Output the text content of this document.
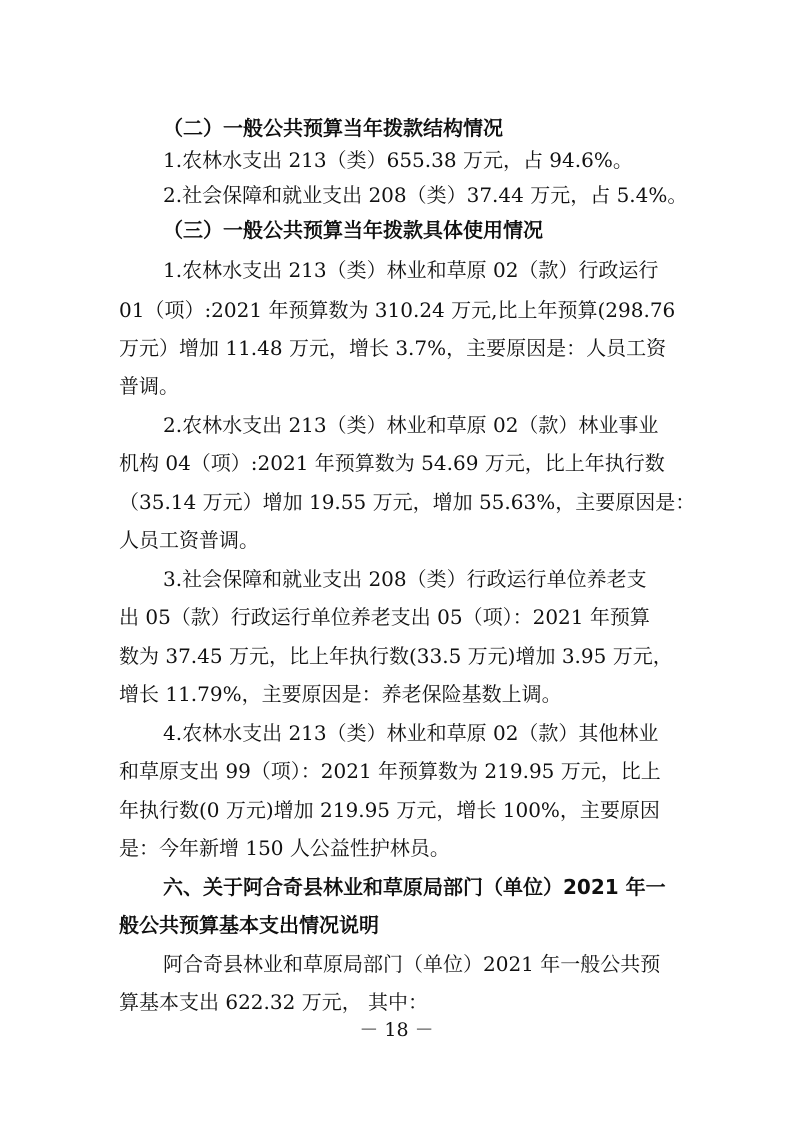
（二）一般公共预算当年拨款结构情况
1.农林水支出 213（类）655.38 万元，占 94.6%。
2.社会保障和就业支出 208（类）37.44 万元，占 5.4%。
（三）一般公共预算当年拨款具体使用情况
1.农林水支出 213（类）林业和草原 02（款）行政运行
01（项）:2021 年预算数为 310.24 万元,比上年预算(298.76
万元）增加 11.48 万元，增长 3.7%，主要原因是：人员工资
普调。
2.农林水支出 213（类）林业和草原 02（款）林业事业
机构 04（项）:2021 年预算数为 54.69 万元，比上年执行数
（35.14 万元）增加 19.55 万元，增加 55.63%，主要原因是：
人员工资普调。
3.社会保障和就业支出 208（类）行政运行单位养老支
出 05（款）行政运行单位养老支出 05（项）：2021 年预算
数为 37.45 万元，比上年执行数(33.5 万元)增加 3.95 万元，
增长 11.79%，主要原因是：养老保险基数上调。
4.农林水支出 213（类）林业和草原 02（款）其他林业
和草原支出 99（项）：2021 年预算数为 219.95 万元，比上
年执行数(0 万元)增加 219.95 万元，增长 100%，主要原因
是：今年新增 150 人公益性护林员。
六、关于阿合奇县林业和草原局部门（单位）2021 年一
般公共预算基本支出情况说明
阿合奇县林业和草原局部门（单位）2021 年一般公共预
算基本支出 622.32 万元， 其中：
－ 18 －
